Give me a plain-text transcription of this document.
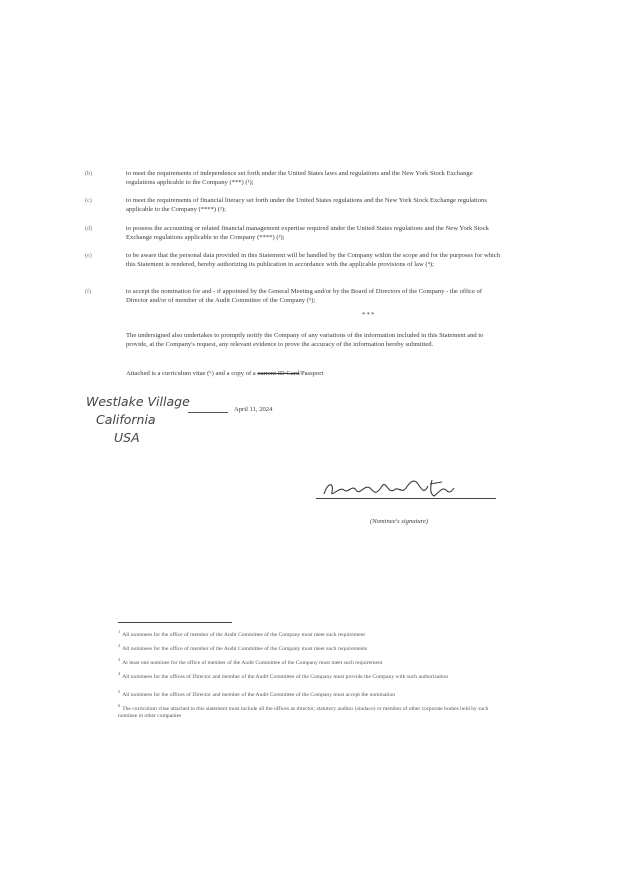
(b)	to meet the requirements of independence set forth under the United States laws and regulations and the New York Stock Exchange regulations applicable to the Company (***) (¹);
(c)	to meet the requirements of financial literacy set forth under the United States regulations and the New York Stock Exchange regulations applicable to the Company (****) (²);
(d)	to possess the accounting or related financial management expertise required under the United States regulations and the New York Stock Exchange regulations applicable to the Company (****) (³);
(e)	to be aware that the personal data provided in this Statement will be handled by the Company within the scope and for the purposes for which this Statement is rendered, hereby authorizing its publication in accordance with the applicable provisions of law (⁴);
(f)	to accept the nomination for and - if appointed by the General Meeting and/or by the Board of Directors of the Company - the office of Director and/or of member of the Audit Committee of the Company (⁵);
***
The undersigned also undertakes to promptly notify the Company of any variations of the information included in this Statement and to provide, at the Company's request, any relevant evidence to prove the accuracy of the information hereby submitted.
Attached is a curriculum vitae (⁶) and a copy of a current ID Card/Passport
Westlake Village
California
USA
April 11, 2024
(Nominee's signature)
$^1$All nominees for the office of member of the Audit Committee of the Company must meet such requirement
$^2$All nominees for the office of member of the Audit Committee of the Company must meet such requirements
$^3$At least one nominee for the office of member of the Audit Committee of the Company must meet such requirement
$^4$All nominees for the offices of Director and member of the Audit Committee of the Company must provide the Company with such authorization
$^5$All nominees for the offices of Director and member of the Audit Committee of the Company must accept the nomination
$^6$The curriculum vitae attached to this statement must include all the offices as director, statutory auditor (sindaco) or member of other corporate bodies held by such nominee in other companies
